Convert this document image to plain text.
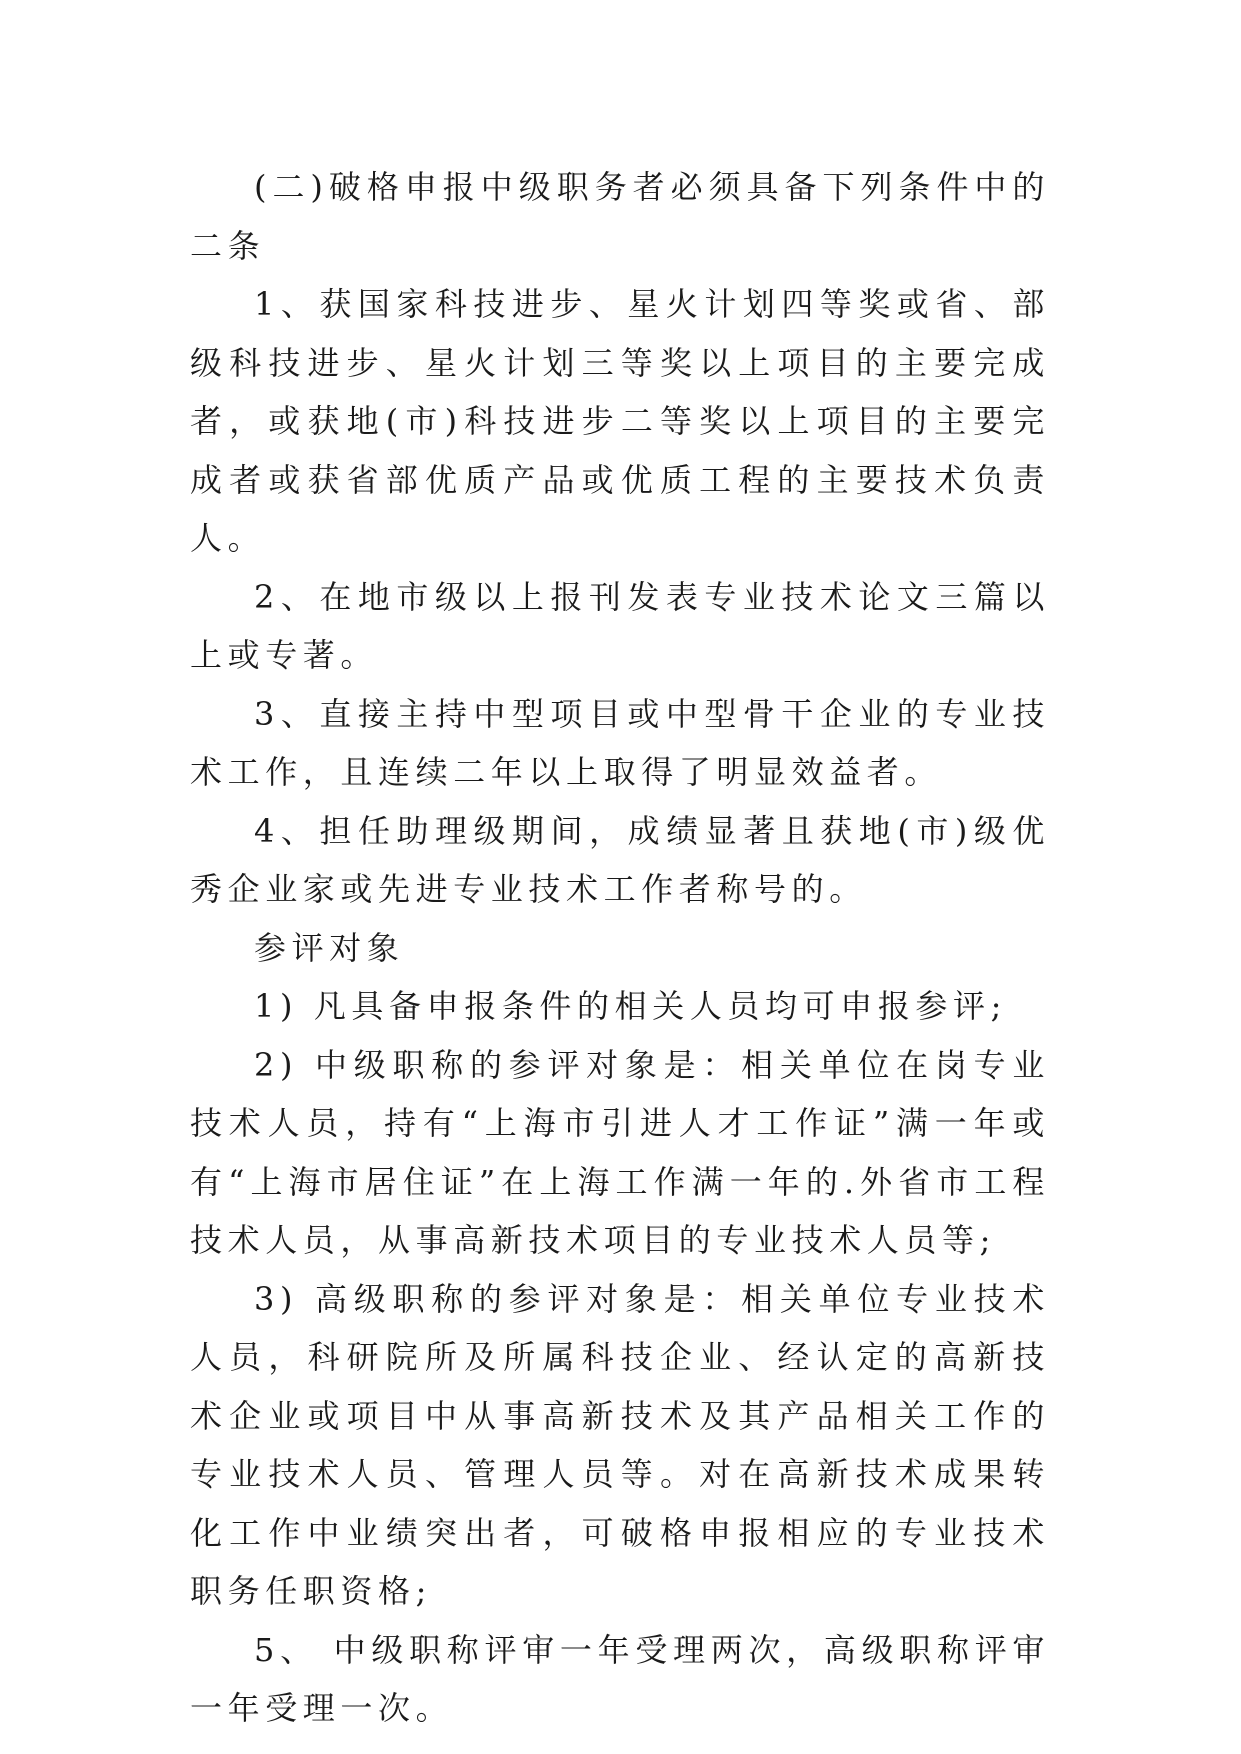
(二)破格申报中级职务者必须具备下列条件中的二条

1、获国家科技进步、星火计划四等奖或省、部级科技进步、星火计划三等奖以上项目的主要完成者，或获地(市)科技进步二等奖以上项目的主要完成者或获省部优质产品或优质工程的主要技术负责人。

2、在地市级以上报刊发表专业技术论文三篇以上或专著。

3、直接主持中型项目或中型骨干企业的专业技术工作，且连续二年以上取得了明显效益者。

4、担任助理级期间，成绩显著且获地(市)级优秀企业家或先进专业技术工作者称号的。

参评对象

1) 凡具备申报条件的相关人员均可申报参评;

2) 中级职称的参评对象是：相关单位在岗专业技术人员，持有“上海市引进人才工作证”满一年或有“上海市居住证”在上海工作满一年的.外省市工程技术人员，从事高新技术项目的专业技术人员等;

3) 高级职称的参评对象是：相关单位专业技术人员，科研院所及所属科技企业、经认定的高新技术企业或项目中从事高新技术及其产品相关工作的专业技术人员、管理人员等。对在高新技术成果转化工作中业绩突出者，可破格申报相应的专业技术职务任职资格;

5、 中级职称评审一年受理两次，高级职称评审一年受理一次。
